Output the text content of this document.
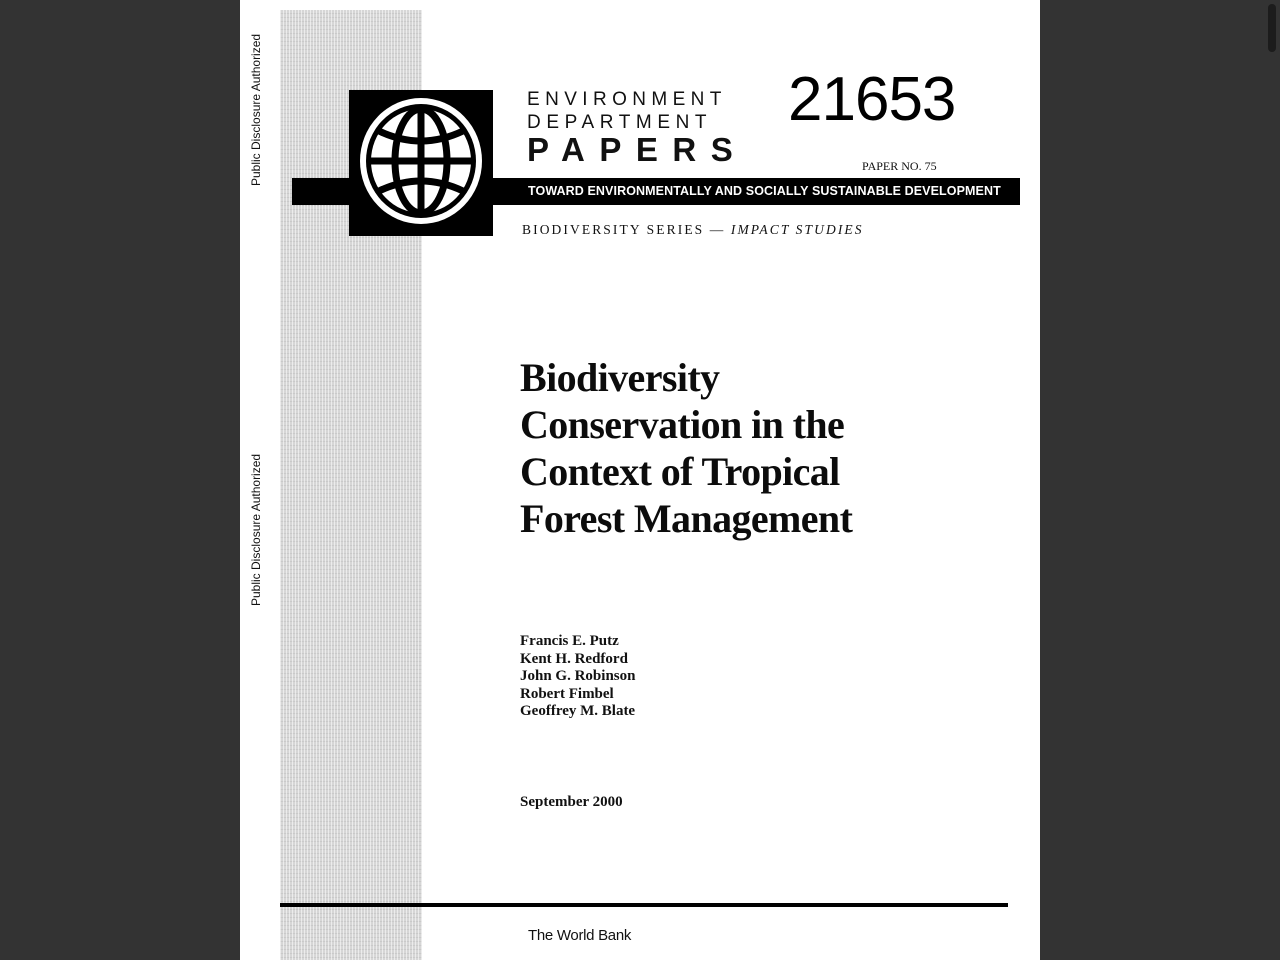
Public Disclosure Authorized
Public Disclosure Authorized
TOWARD ENVIRONMENTALLY AND SOCIALLY SUSTAINABLE DEVELOPMENT
ENVIRONMENT
DEPARTMENT
PAPERS
21653
PAPER NO. 75
BIODIVERSITY SERIES — IMPACT STUDIES
Biodiversity
Conservation in the
Context of Tropical
Forest Management
Francis E. Putz
Kent H. Redford
John G. Robinson
Robert Fimbel
Geoffrey M. Blate
September 2000
The World Bank
